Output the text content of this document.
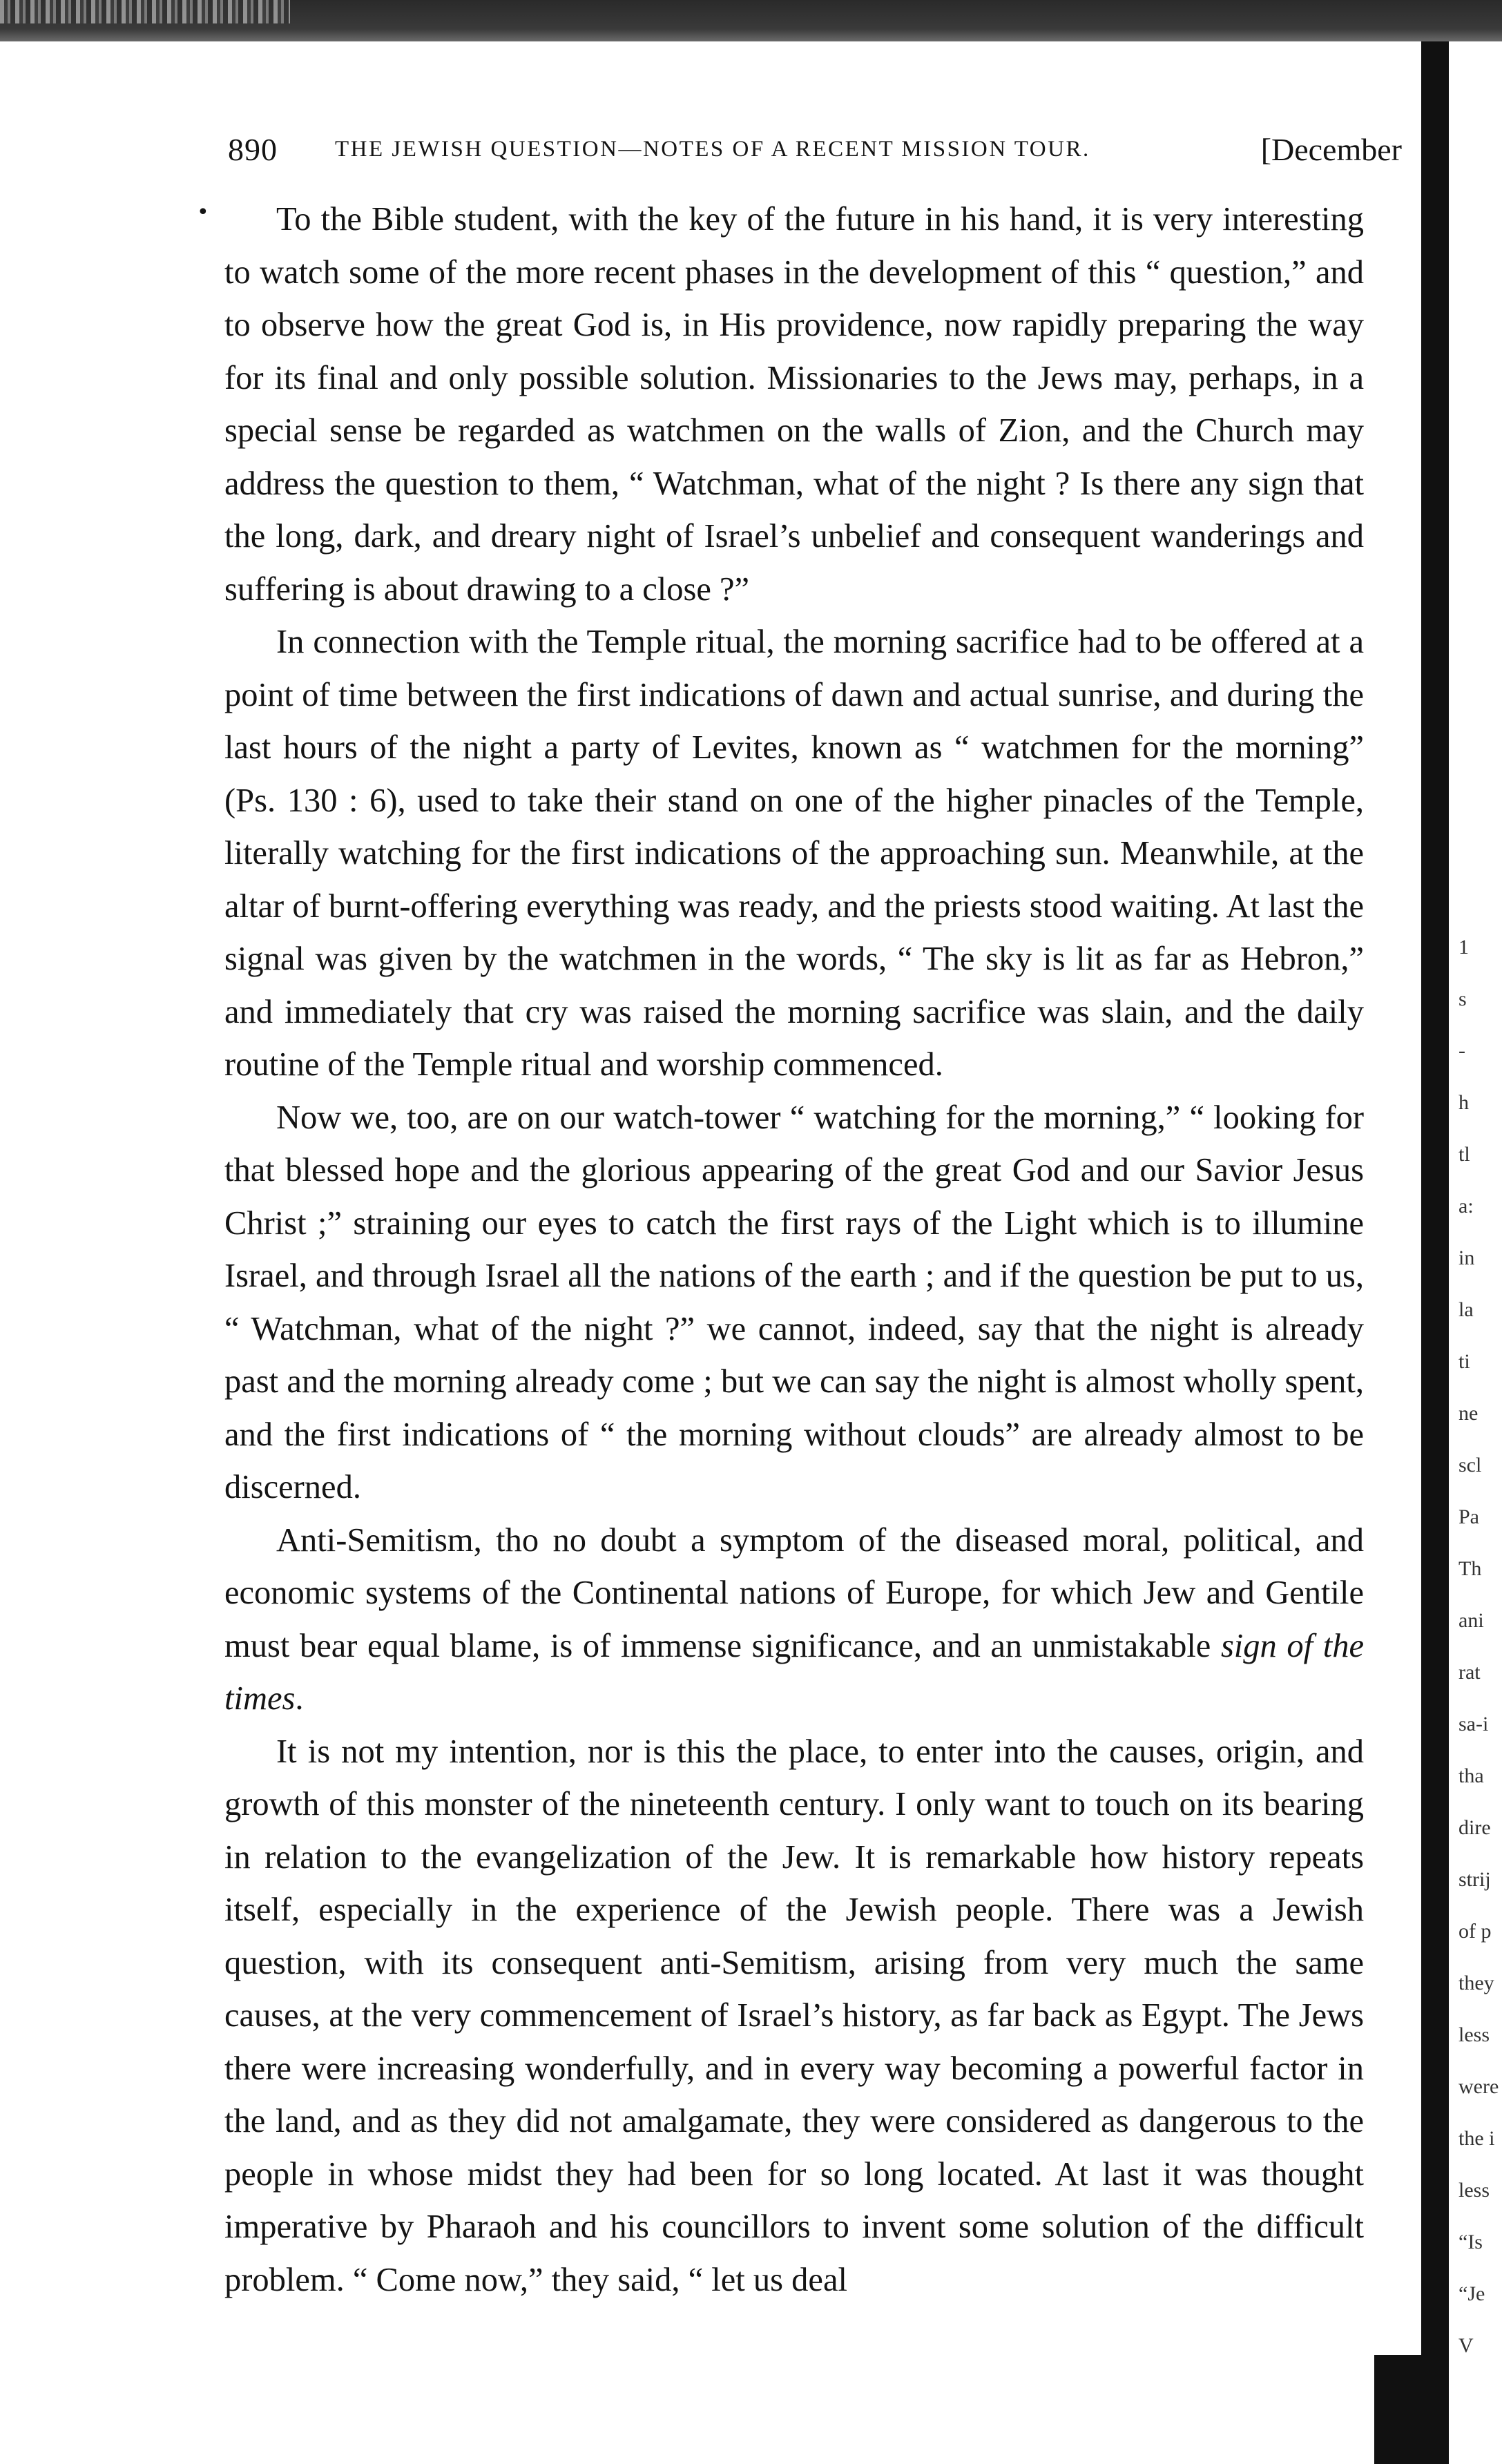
890	THE JEWISH QUESTION—NOTES OF A RECENT MISSION TOUR.	[December
•	To the Bible student, with the key of the future in his hand, it is very interesting to watch some of the more recent phases in the development of this “ question,” and to observe how the great God is, in His providence, now rapidly preparing the way for its final and only possible solution. Missionaries to the Jews may, perhaps, in a special sense be regarded as watchmen on the walls of Zion, and the Church may address the question to them, “ Watchman, what of the night ? Is there any sign that the long, dark, and dreary night of Israel’s unbelief and consequent wanderings and suffering is about drawing to a close ?”

In connection with the Temple ritual, the morning sacrifice had to be offered at a point of time between the first indications of dawn and actual sunrise, and during the last hours of the night a party of Levites, known as “ watchmen for the morning” (Ps. 130 : 6), used to take their stand on one of the higher pinacles of the Temple, literally watching for the first indications of the approaching sun. Meanwhile, at the altar of burnt-offering everything was ready, and the priests stood waiting. At last the signal was given by the watchmen in the words, “ The sky is lit as far as Hebron,” and immediately that cry was raised the morning sacrifice was slain, and the daily routine of the Temple ritual and worship commenced.

Now we, too, are on our watch-tower “ watching for the morning,” “ looking for that blessed hope and the glorious appearing of the great God and our Savior Jesus Christ ;” straining our eyes to catch the first rays of the Light which is to illumine Israel, and through Israel all the nations of the earth ; and if the question be put to us, “ Watchman, what of the night ?” we cannot, indeed, say that the night is already past and the morning already come ; but we can say the night is almost wholly spent, and the first indications of “ the morning without clouds” are already almost to be discerned.

Anti-Semitism, tho no doubt a symptom of the diseased moral, political, and economic systems of the Continental nations of Europe, for which Jew and Gentile must bear equal blame, is of immense significance, and an unmistakable sign of the times.

It is not my intention, nor is this the place, to enter into the causes, origin, and growth of this monster of the nineteenth century. I only want to touch on its bearing in relation to the evangelization of the Jew. It is remarkable how history repeats itself, especially in the experience of the Jewish people. There was a Jewish question, with its consequent anti-Semitism, arising from very much the same causes, at the very commencement of Israel’s history, as far back as Egypt. The Jews there were increasing wonderfully, and in every way becoming a powerful factor in the land, and as they did not amalgamate, they were considered as dangerous to the people in whose midst they had been for so long located. At last it was thought imperative by Pharaoh and his councillors to invent some solution of the difficult problem. “ Come now,” they said, “ let us deal

1
s
-
h
tl
a:
in
la
ti
ne
scl
Pa
Th
ani
rat
sa-i
tha
dire
strij
of p
they
less
were
the i
less
“Is
“Je
V
